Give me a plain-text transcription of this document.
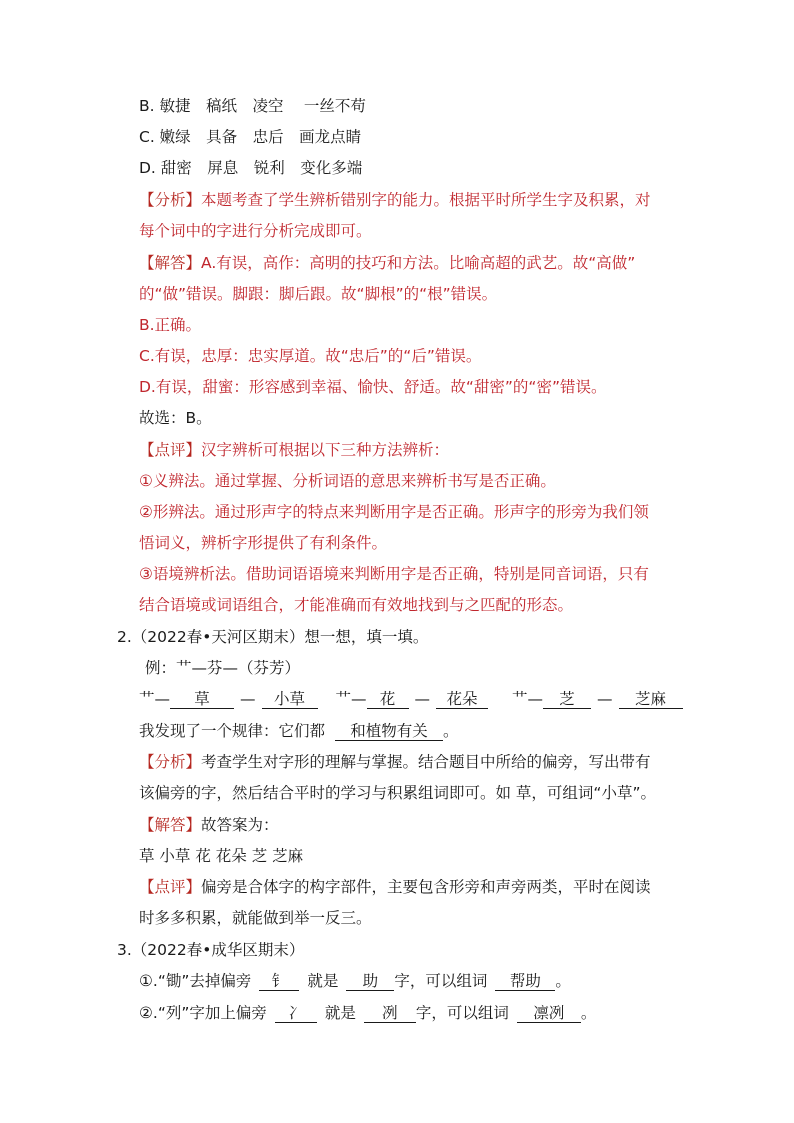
B. 敏捷　稿纸　凌空　 一丝不苟
C. 嫩绿　具备　忠后　画龙点睛
D. 甜密　屏息　锐利　变化多端
【分析】本题考查了学生辨析错别字的能力。根据平时所学生字及积累，对
每个词中的字进行分析完成即可。
【解答】A.有误，高作：高明的技巧和方法。比喻高超的武艺。故“高做”
的“做”错误。脚跟：脚后跟。故“脚根”的“根”错误。
B.正确。
C.有误，忠厚：忠实厚道。故“忠后”的“后”错误。
D.有误，甜蜜：形容感到幸福、愉快、舒适。故“甜密”的“密”错误。
故选：B。
【点评】汉字辨析可根据以下三种方法辨析：
①义辨法。通过掌握、分析词语的意思来辨析书写是否正确。
②形辨法。通过形声字的特点来判断用字是否正确。形声字的形旁为我们领
悟词义，辨析字形提供了有利条件。
③语境辨析法。借助词语语境来判断用字是否正确，特别是同音词语，只有
结合语境或词语组合，才能准确而有效地找到与之匹配的形态。
2.（2022春•天河区期末）想一想，填一填。
例：艹—芬—（芬芳）
艹— 草 — 小草 艹— 花 — 花朵 艹— 芝 — 芝麻
我发现了一个规律：它们都 和植物有关 。
【分析】考查学生对字形的理解与掌握。结合题目中所给的偏旁，写出带有
该偏旁的字，然后结合平时的学习与积累组词即可。如 草，可组词“小草”。
【解答】故答案为：
草 小草 花 花朵 芝 芝麻
【点评】偏旁是合体字的构字部件，主要包含形旁和声旁两类，平时在阅读
时多多积累，就能做到举一反三。
3.（2022春•成华区期末）
①.“锄”去掉偏旁 钅 就是 助 字，可以组词 帮助 。
②.“列”字加上偏旁 冫 就是 冽 字，可以组词 凛冽 。
